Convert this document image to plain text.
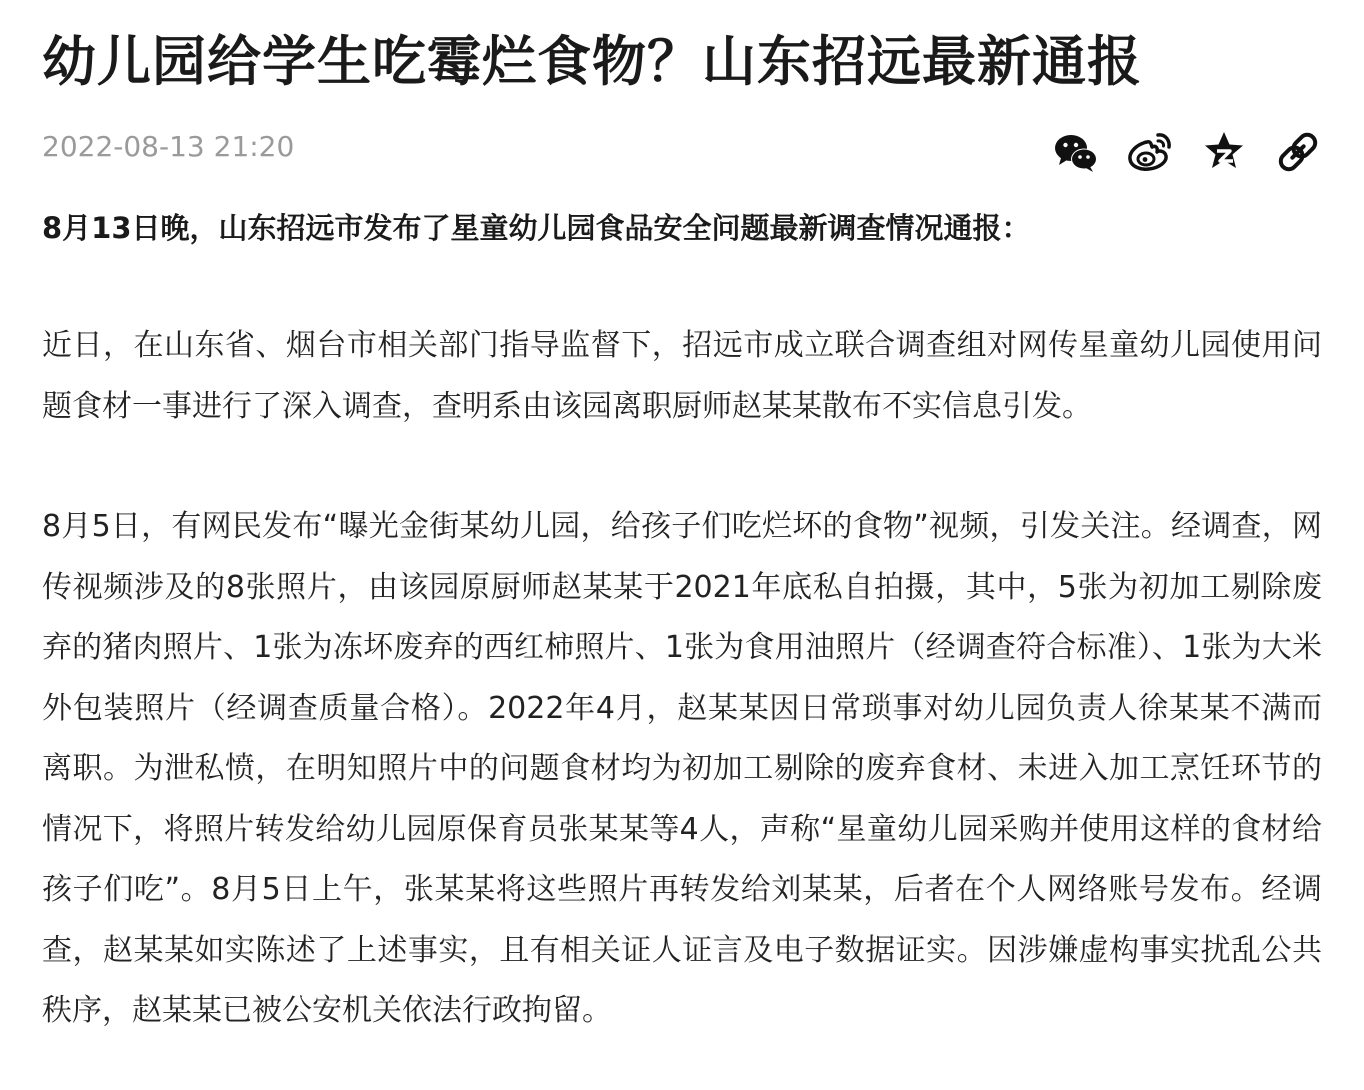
幼儿园给学生吃霉烂食物？山东招远最新通报
2022-08-13 21:20

8月13日晚，山东招远市发布了星童幼儿园食品安全问题最新调查情况通报：

近日，在山东省、烟台市相关部门指导监督下，招远市成立联合调查组对网传星童幼儿园使用问题食材一事进行了深入调查，查明系由该园离职厨师赵某某散布不实信息引发。

8月5日，有网民发布“曝光金街某幼儿园，给孩子们吃烂坏的食物”视频，引发关注。经调查，网传视频涉及的8张照片，由该园原厨师赵某某于2021年底私自拍摄，其中，5张为初加工剔除废弃的猪肉照片、1张为冻坏废弃的西红柿照片、1张为食用油照片（经调查符合标准）、1张为大米外包装照片（经调查质量合格）。2022年4月，赵某某因日常琐事对幼儿园负责人徐某某不满而离职。为泄私愤，在明知照片中的问题食材均为初加工剔除的废弃食材、未进入加工烹饪环节的情况下，将照片转发给幼儿园原保育员张某某等4人，声称“星童幼儿园采购并使用这样的食材给孩子们吃”。8月5日上午，张某某将这些照片再转发给刘某某，后者在个人网络账号发布。经调查，赵某某如实陈述了上述事实，且有相关证人证言及电子数据证实。因涉嫌虚构事实扰乱公共秩序，赵某某已被公安机关依法行政拘留。
